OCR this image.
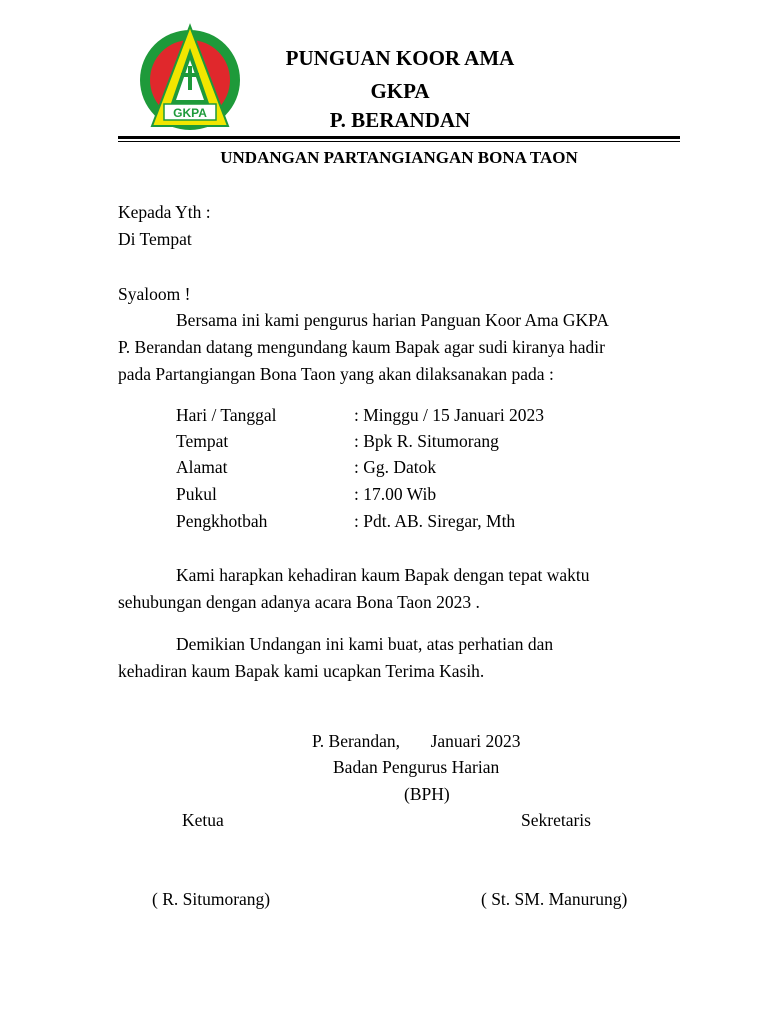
GKPA
PUNGUAN KOOR AMA
GKPA
P. BERANDAN
UNDANGAN PARTANGIANGAN BONA TAON
Kepada Yth :
Di Tempat
Syaloom !
Bersama ini kami pengurus harian Panguan Koor Ama GKPA
P. Berandan datang mengundang kaum Bapak agar sudi kiranya hadir
pada Partangiangan Bona Taon yang akan dilaksanakan pada :
Hari / Tanggal	: Minggu / 15 Januari 2023
Tempat	: Bpk R. Situmorang
Alamat	: Gg. Datok
Pukul	: 17.00 Wib
Pengkhotbah	: Pdt. AB. Siregar, Mth
Kami harapkan kehadiran kaum Bapak dengan tepat waktu
sehubungan dengan adanya acara Bona Taon 2023 .
Demikian Undangan ini kami buat, atas perhatian dan
kehadiran kaum Bapak kami ucapkan Terima Kasih.
P. Berandan,       Januari 2023
Badan Pengurus Harian
(BPH)
Ketua	Sekretaris
( R. Situmorang)	( St. SM. Manurung)
